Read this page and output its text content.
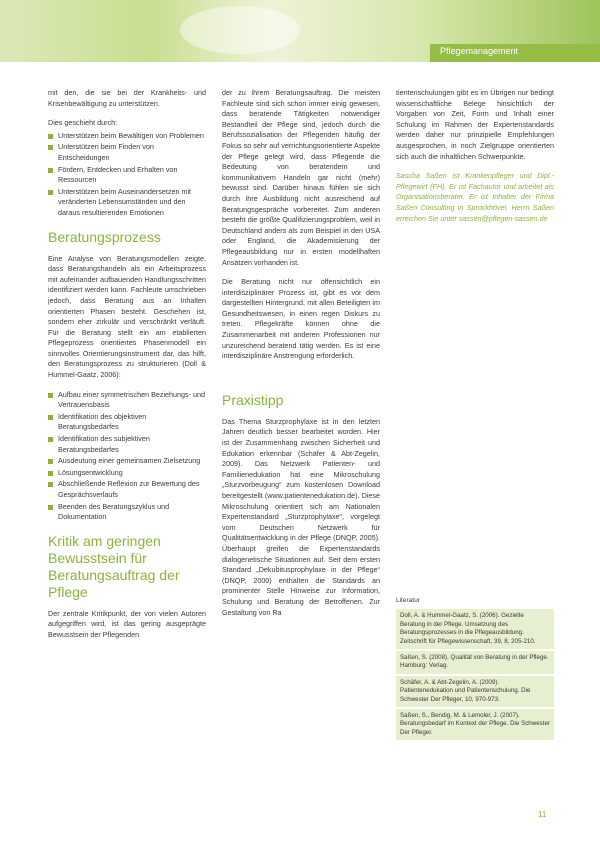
Pflegemanagement

mit den, die sie bei der Krankheits- und Krisenbewältigung zu unterstützen.

Dies geschieht durch:

Unterstützen beim Bewältigen von Problemen
Unterstützen beim Finden von Entscheidungen
Fördern, Entdecken und Erhalten von Ressourcen
Unterstützen beim Auseinandersetzen mit veränderten Lebensumständen und den daraus resultierenden Emotionen
Beratungsprozess

Eine Analyse von Beratungsmodellen zeigte, dass Beratungshandeln als ein Arbeitsprozess mit aufeinander aufbauenden Handlungsschritten identifiziert werden kann. Fachleute umschrieben jedoch, dass Beratung aus an Inhalten orientierten Phasen besteht. Geschehen ist, sondern eher zirkulär und verschränkt verläuft. Für die Beratung stellt ein am etablierten Pflegeprozess orientiertes Phasenmodell ein sinnvolles Orientierungsinstrument dar, das hilft, den Beratungsprozess zu strukturieren (Doll & Hummel-Gaatz, 2006):

Aufbau einer symmetrischen Beziehungs- und Vertrauensbasis
Identifikation des objektiven Beratungsbedarfes
Identifikation des subjektiven Beratungsbedarfes
Ausdeutung einer gemeinsamen Zielsetzung
Lösungsentwicklung
Abschließende Reflexion zur Bewertung des Gesprächsverlaufs
Beenden des Beratungszyklus und Dokumentation
Kritik am geringen Bewusstsein für Beratungsauftrag der Pflege

Der zentrale Kritikpunkt, der von vielen Autoren aufgegriffen wird, ist das gering ausgeprägte Bewusstsein der Pflegenden

der zu ihrem Beratungsauftrag. Die meisten Fachleute sind sich schon immer einig gewesen, dass beratende Tätigkeiten notwendiger Bestandteil der Pflege sind, jedoch durch die Berufssozialisation der Pflegenden häufig der Fokus so sehr auf verrichtungsorientierte Aspekte der Pflege gelegt wird, dass Pflegende die Bedeutung von beratendem und kommunikativem Handeln gar nicht (mehr) bewusst sind. Darüber hinaus fühlen sie sich durch ihre Ausbildung nicht ausreichend auf Beratungsgespräche vorbereitet. Zum anderen besteht die größte Qualifizierungsproblem, weil in Deutschland anders als zum Beispiel in den USA oder England, die Akademisierung der Pflegeausbildung nur in ersten modellhaften Ansätzen vorhanden ist.

Die Beratung nicht nur offensichtlich ein interdisziplinärer Prozess ist, gibt es vor dem dargestellten Hintergrund, mit allen Beteiligten im Gesundheitswesen, in einen regen Diskurs zu treten. Pflegekräfte können ohne die Zusammenarbeit mit anderen Professionen nur unzureichend beratend tätig werden. Es ist eine interdisziplinäre Anstrengung erforderlich.

Praxistipp

Das Thema Sturzprophylaxe ist in den letzten Jahren deutlich besser bearbeitet worden. Hier ist der Zusammenhang zwischen Sicherheit und Edukation erkennbar (Schäfer & Abt-Zegelin, 2009). Das Netzwerk Patienten- und Familienedukation hat eine Mikroschulung „Sturzvorbeugung“ zum kostenlosen Download bereitgestellt (www.patientenedukation.de). Diese Mikroschulung orientiert sich am Nationalen Expertenstandard „Sturzprophylaxe“, vorgelegt vom Deutschen Netzwerk für Qualitätsentwicklung in der Pflege (DNQP, 2005). Überhaupt greifen die Expertenstandards dialogenetische Situationen auf. Seit dem ersten Standard „Dekubitusprophylaxe in der Pflege“ (DNQP, 2000) enthalten die Standards an prominenter Stelle Hinweise zur Information, Schulung und Beratung der Betroffenen. Zur Gestaltung von Ra

tientenschulungen gibt es im Übrigen nur bedingt wissenschaftliche Belege hinsichtlich der Vorgaben von Zeit, Form und Inhalt einer Schulung im Rahmen der Expertenstandards werden daher nur prinzipielle Empfehlungen ausgesprochen, in noch Zielgruppe orientierten sich auch die inhaltlichen Schwerpunkte.

Sascha Saßen ist Krankenpfleger und Dipl.-Pflegewirt (FH). Er ist Fachautor und arbeitet als Organisationsberater. Er ist Inhaber der Firma Saßen Consulting in Sprockhövel. Herrn Saßen erreichen Sie unter sassen@pflegen-sassen.de

Literatur
Doll, A. & Hummel-Gaatz, S. (2006). Gezielte Beratung in der Pflege. Umsetzung des Beratungsprozesses in die Pflegeausbildung. Zeitschrift für Pflegewissenschaft, 39, 8, 205-210.
Saßen, S. (2008). Qualität von Beratung in der Pflege. Hamburg: Verlag.
Schäfer, A. & Abt-Zegelin, A. (2009). Patientenedukation und Patientenschulung. Die Schwester Der Pfleger, 10, 970-973.
Saßen, S., Bendig, M. & Lemoler, J. (2007). Beratungsbedarf im Kontext der Pflege. Die Schwester Der Pfleger.
11
